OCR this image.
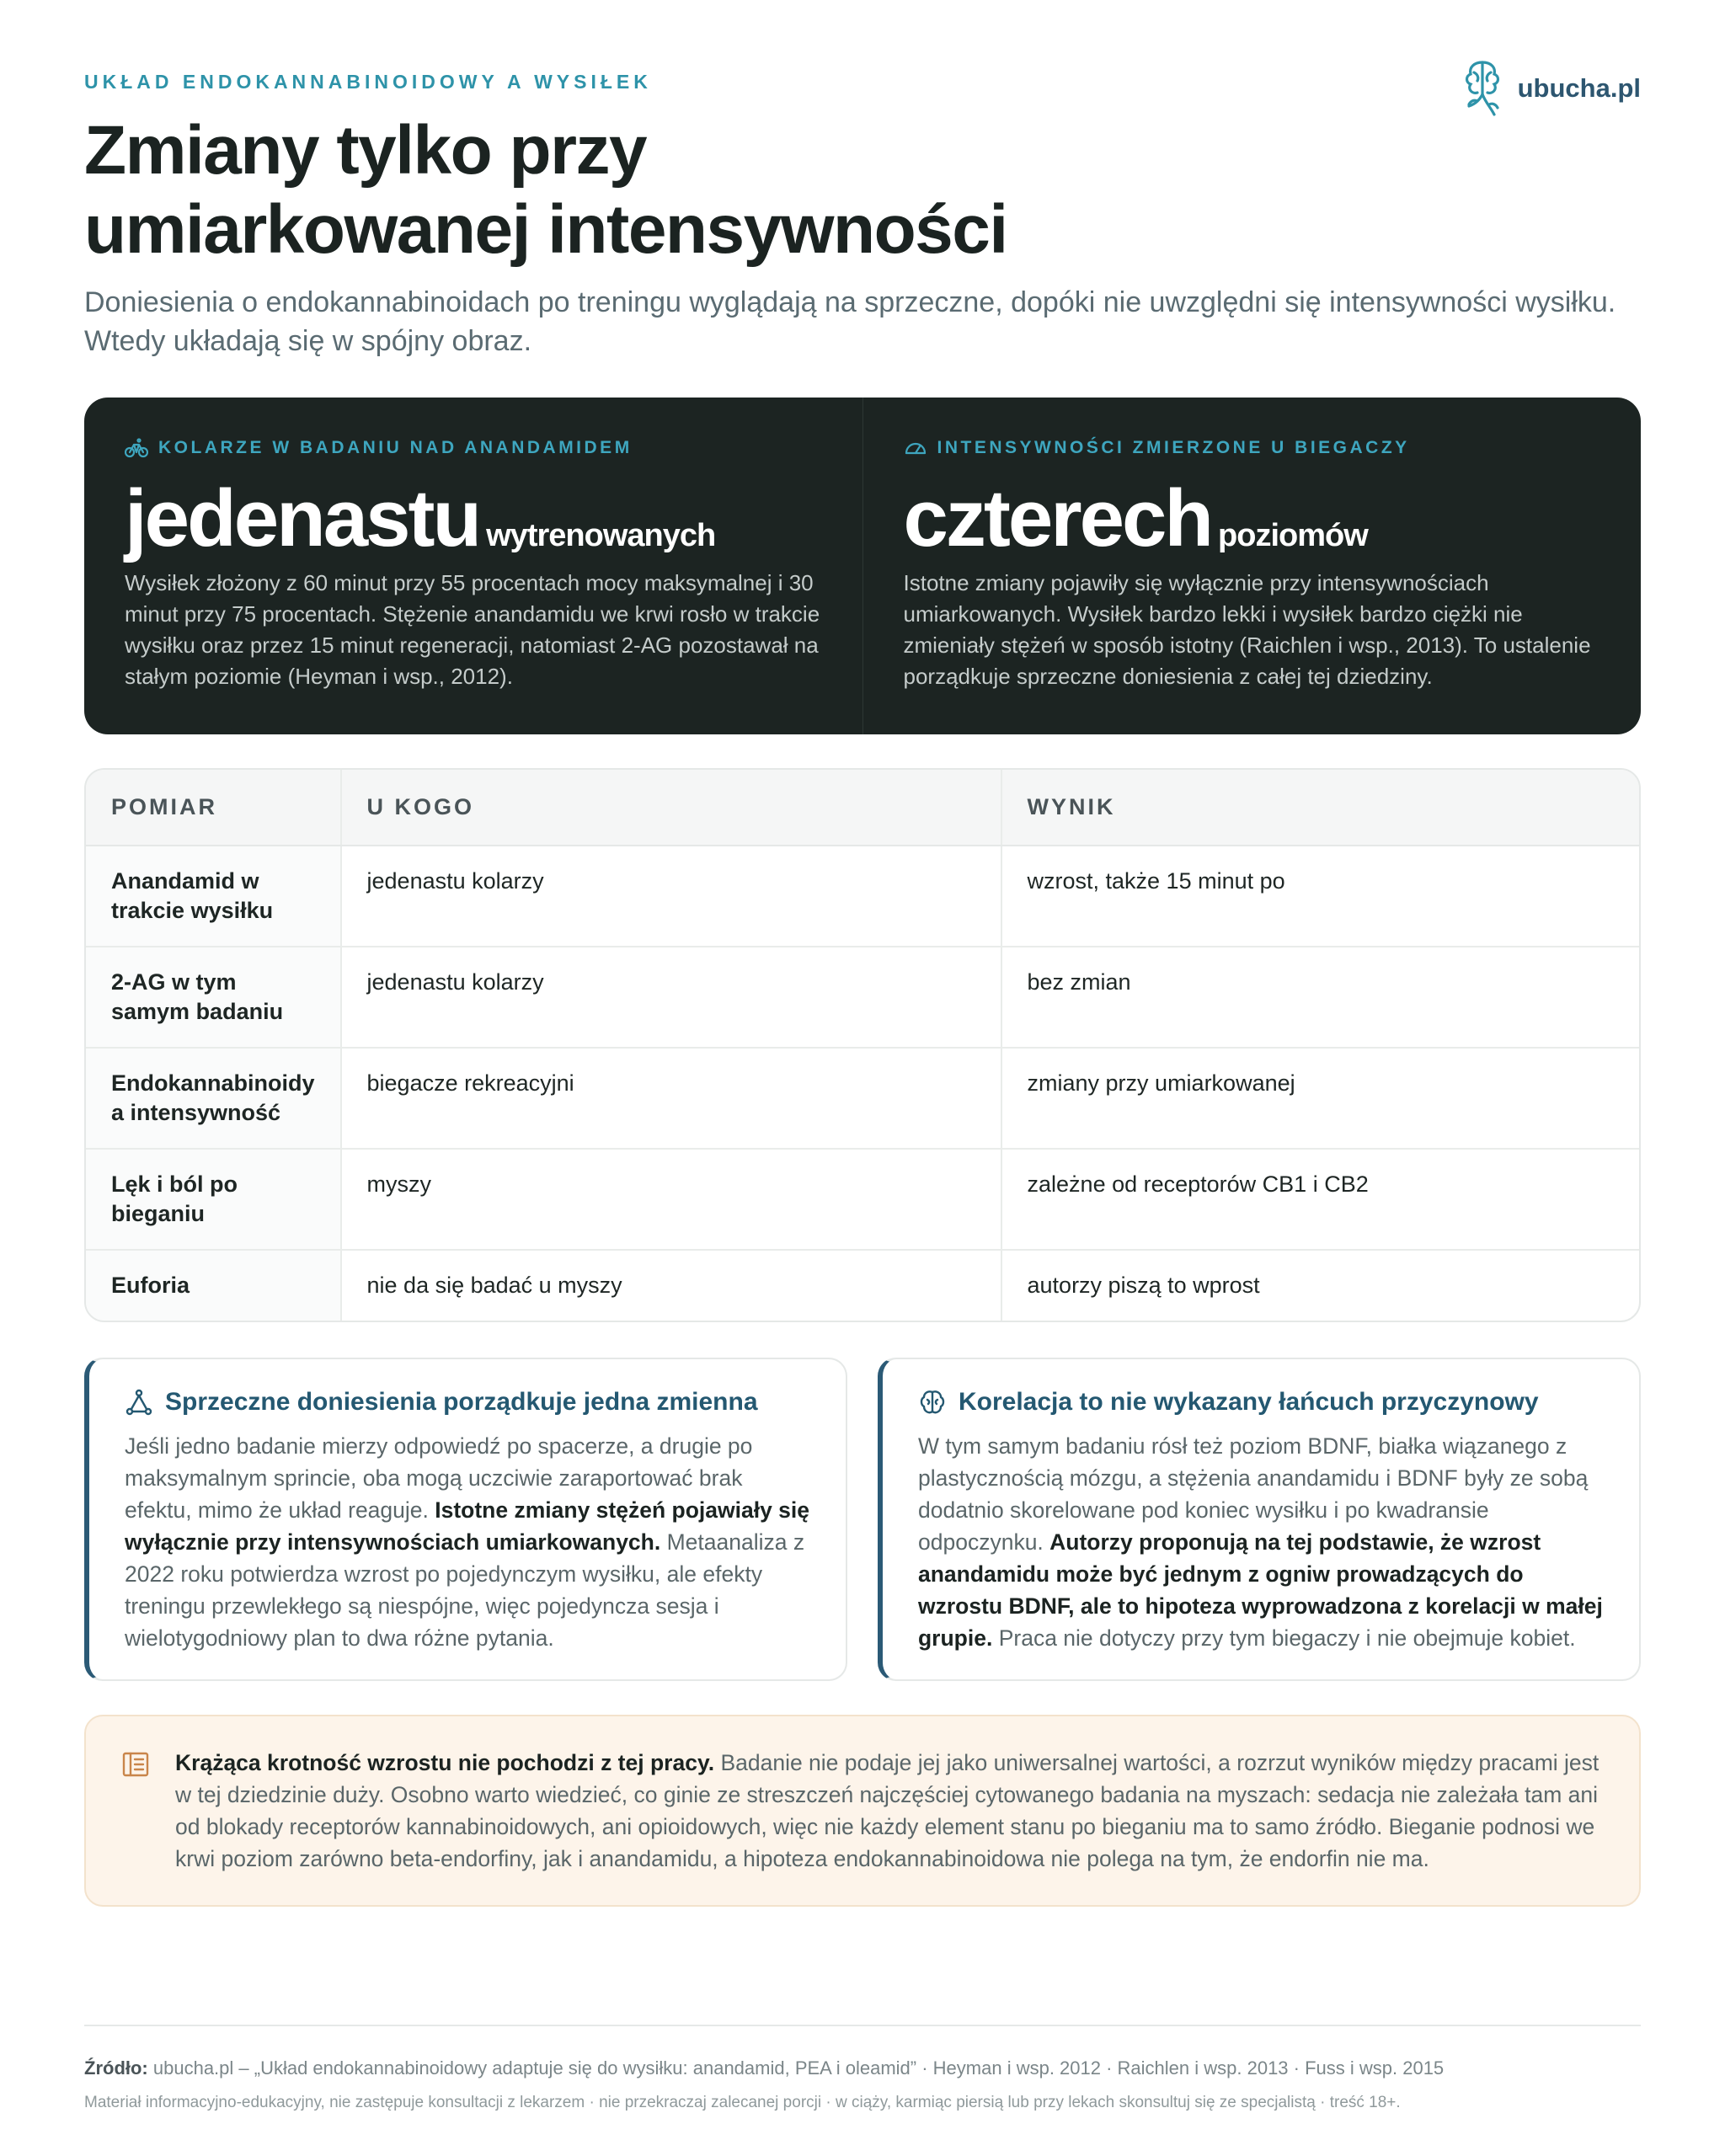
UKŁAD ENDOKANNABINOIDOWY A WYSIŁEK	ubucha.pl
Zmiany tylko przy
umiarkowanej intensywności

Doniesienia o endokannabinoidach po treningu wyglądają na sprzeczne, dopóki nie uwzględni się intensywności wysiłku. Wtedy układają się w spójny obraz.

KOLARZE W BADANIU NAD ANANDAMIDEM
jedenastu wytrenowanych

Wysiłek złożony z 60 minut przy 55 procentach mocy maksymalnej i 30 minut przy 75 procentach. Stężenie anandamidu we krwi rosło w trakcie wysiłku oraz przez 15 minut regeneracji, natomiast 2-AG pozostawał na stałym poziomie (Heyman i wsp., 2012).

INTENSYWNOŚCI ZMIERZONE U BIEGACZY
czterech poziomów

Istotne zmiany pojawiły się wyłącznie przy intensywnościach umiarkowanych. Wysiłek bardzo lekki i wysiłek bardzo ciężki nie zmieniały stężeń w sposób istotny (Raichlen i wsp., 2013). To ustalenie porządkuje sprzeczne doniesienia z całej tej dziedziny.

POMIAR	U KOGO	WYNIK
Anandamid w
trakcie wysiłku	jedenastu kolarzy	wzrost, także 15 minut po
2-AG w tym
samym badaniu	jedenastu kolarzy	bez zmian
Endokannabinoidy
a intensywność	biegacze rekreacyjni	zmiany przy umiarkowanej
Lęk i ból po
bieganiu	myszy	zależne od receptorów CB1 i CB2
Euforia	nie da się badać u myszy	autorzy piszą to wprost
Sprzeczne doniesienia porządkuje jedna zmienna

Jeśli jedno badanie mierzy odpowiedź po spacerze, a drugie po maksymalnym sprincie, oba mogą uczciwie zaraportować brak efektu, mimo że układ reaguje. Istotne zmiany stężeń pojawiały się wyłącznie przy intensywnościach umiarkowanych. Metaanaliza z 2022 roku potwierdza wzrost po pojedynczym wysiłku, ale efekty treningu przewlekłego są niespójne, więc pojedyncza sesja i wielotygodniowy plan to dwa różne pytania.

Korelacja to nie wykazany łańcuch przyczynowy

W tym samym badaniu rósł też poziom BDNF, białka wiązanego z plastycznością mózgu, a stężenia anandamidu i BDNF były ze sobą dodatnio skorelowane pod koniec wysiłku i po kwadransie odpoczynku. Autorzy proponują na tej podstawie, że wzrost anandamidu może być jednym z ogniw prowadzących do wzrostu BDNF, ale to hipoteza wyprowadzona z korelacji w małej grupie. Praca nie dotyczy przy tym biegaczy i nie obejmuje kobiet.

Krążąca krotność wzrostu nie pochodzi z tej pracy. Badanie nie podaje jej jako uniwersalnej wartości, a rozrzut wyników między pracami jest w tej dziedzinie duży. Osobno warto wiedzieć, co ginie ze streszczeń najczęściej cytowanego badania na myszach: sedacja nie zależała tam ani od blokady receptorów kannabinoidowych, ani opioidowych, więc nie każdy element stanu po bieganiu ma to samo źródło. Bieganie podnosi we krwi poziom zarówno beta-endorfiny, jak i anandamidu, a hipoteza endokannabinoidowa nie polega na tym, że endorfin nie ma.
Źródło: ubucha.pl – „Układ endokannabinoidowy adaptuje się do wysiłku: anandamid, PEA i oleamid” · Heyman i wsp. 2012 · Raichlen i wsp. 2013 · Fuss i wsp. 2015
Materiał informacyjno-edukacyjny, nie zastępuje konsultacji z lekarzem · nie przekraczaj zalecanej porcji · w ciąży, karmiąc piersią lub przy lekach skonsultuj się ze specjalistą · treść 18+.
